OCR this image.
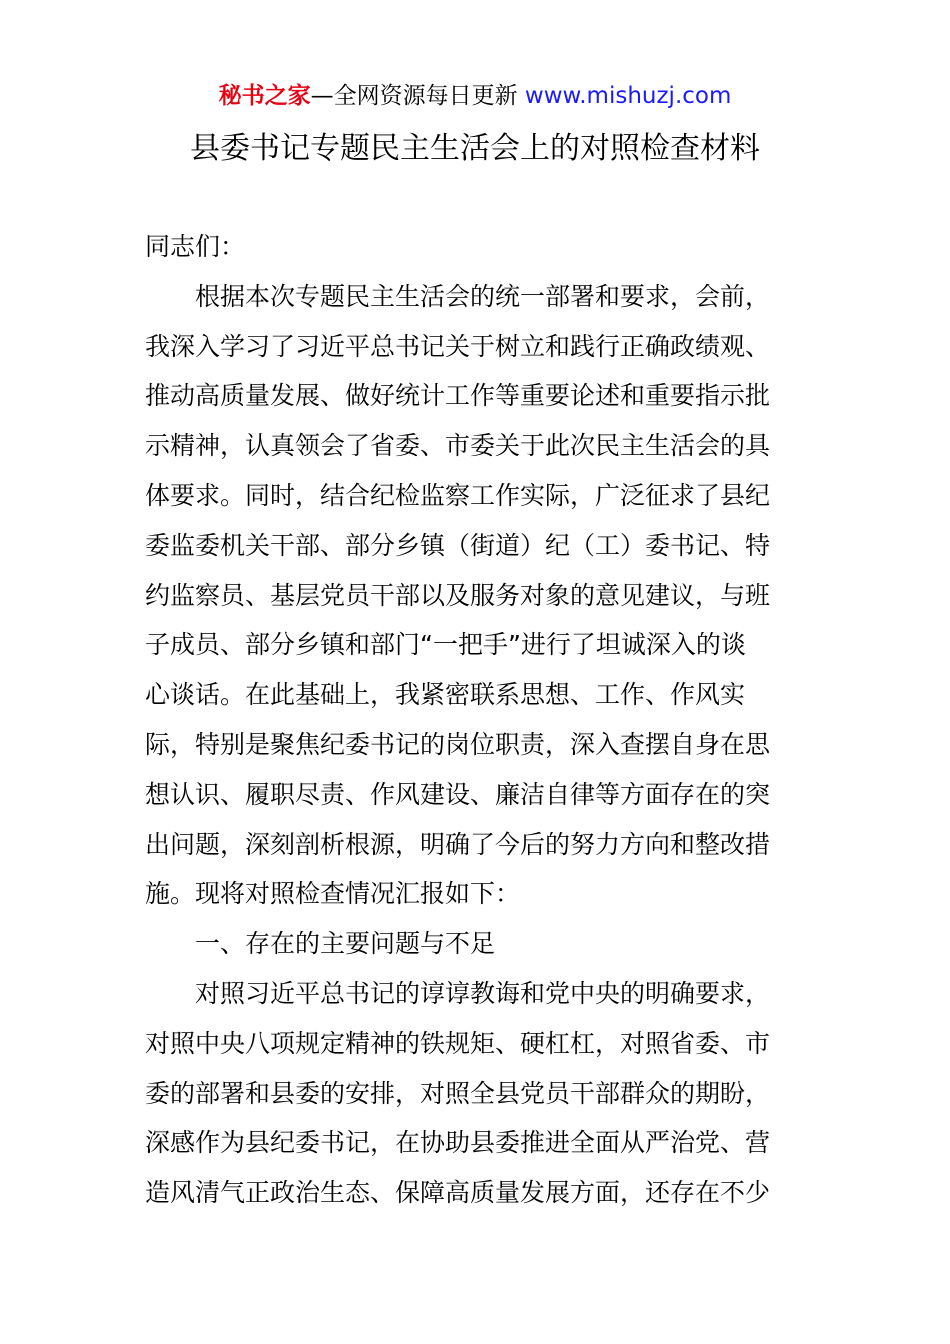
秘书之家—全网资源每日更新 www.mishuzj.com
县委书记专题民主生活会上的对照检查材料
同志们：
根据本次专题民主生活会的统一部署和要求，会前，
我深入学习了习近平总书记关于树立和践行正确政绩观、
推动高质量发展、做好统计工作等重要论述和重要指示批
示精神，认真领会了省委、市委关于此次民主生活会的具
体要求。同时，结合纪检监察工作实际，广泛征求了县纪
委监委机关干部、部分乡镇（街道）纪（工）委书记、特
约监察员、基层党员干部以及服务对象的意见建议，与班
子成员、部分乡镇和部门“一把手”进行了坦诚深入的谈
心谈话。在此基础上，我紧密联系思想、工作、作风实
际，特别是聚焦纪委书记的岗位职责，深入查摆自身在思
想认识、履职尽责、作风建设、廉洁自律等方面存在的突
出问题，深刻剖析根源，明确了今后的努力方向和整改措
施。现将对照检查情况汇报如下：
一、存在的主要问题与不足
对照习近平总书记的谆谆教诲和党中央的明确要求，
对照中央八项规定精神的铁规矩、硬杠杠，对照省委、市
委的部署和县委的安排，对照全县党员干部群众的期盼，
深感作为县纪委书记，在协助县委推进全面从严治党、营
造风清气正政治生态、保障高质量发展方面，还存在不少
